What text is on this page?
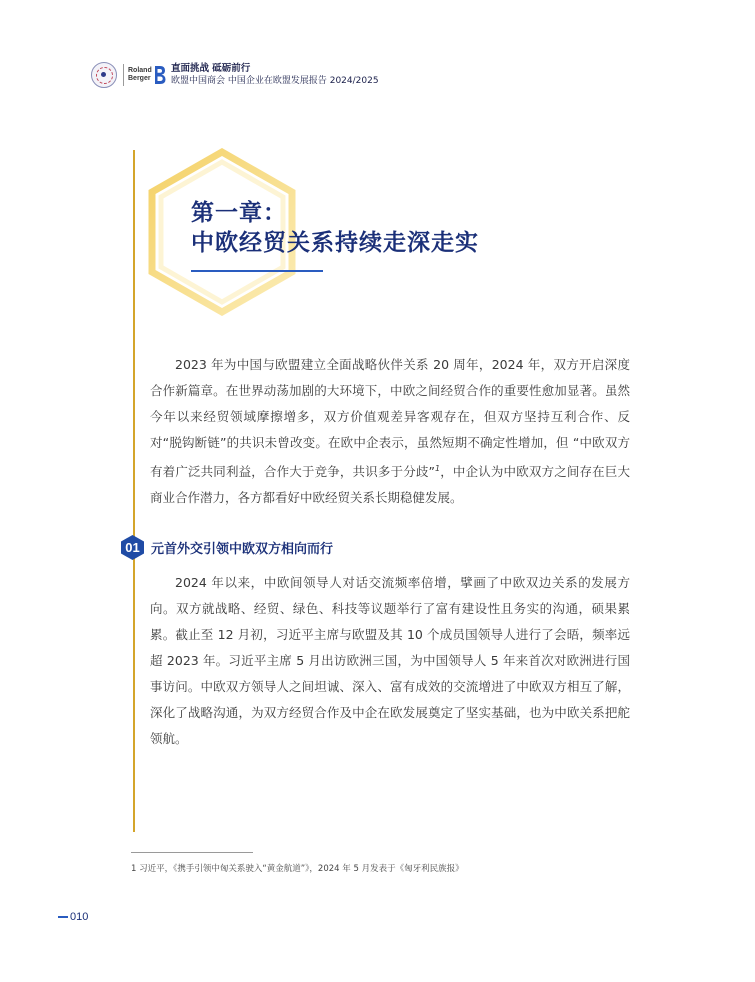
Roland
Berger
直面挑战 砥砺前行
欧盟中国商会 中国企业在欧盟发展报告 2024/2025
第一章：
中欧经贸关系持续走深走实

2023 年为中国与欧盟建立全面战略伙伴关系 20 周年，2024 年，双方开启深度合作新篇章。在世界动荡加剧的大环境下，中欧之间经贸合作的重要性愈加显著。虽然今年以来经贸领域摩擦增多，双方价值观差异客观存在，但双方坚持互利合作、反对“脱钩断链”的共识未曾改变。在欧中企表示，虽然短期不确定性增加，但 “中欧双方有着广泛共同利益，合作大于竞争，共识多于分歧”$^1$，中企认为中欧双方之间存在巨大商业合作潜力，各方都看好中欧经贸关系长期稳健发展。

01 元首外交引领中欧双方相向而行

2024 年以来，中欧间领导人对话交流频率倍增，擘画了中欧双边关系的发展方向。双方就战略、经贸、绿色、科技等议题举行了富有建设性且务实的沟通，硕果累累。截止至 12 月初，习近平主席与欧盟及其 10 个成员国领导人进行了会晤，频率远超 2023 年。习近平主席 5 月出访欧洲三国，为中国领导人 5 年来首次对欧洲进行国事访问。中欧双方领导人之间坦诚、深入、富有成效的交流增进了中欧双方相互了解，深化了战略沟通，为双方经贸合作及中企在欧发展奠定了坚实基础，也为中欧关系把舵领航。

1 习近平，《携手引领中匈关系驶入“黄金航道”》，2024 年 5 月发表于《匈牙利民族报》
010
